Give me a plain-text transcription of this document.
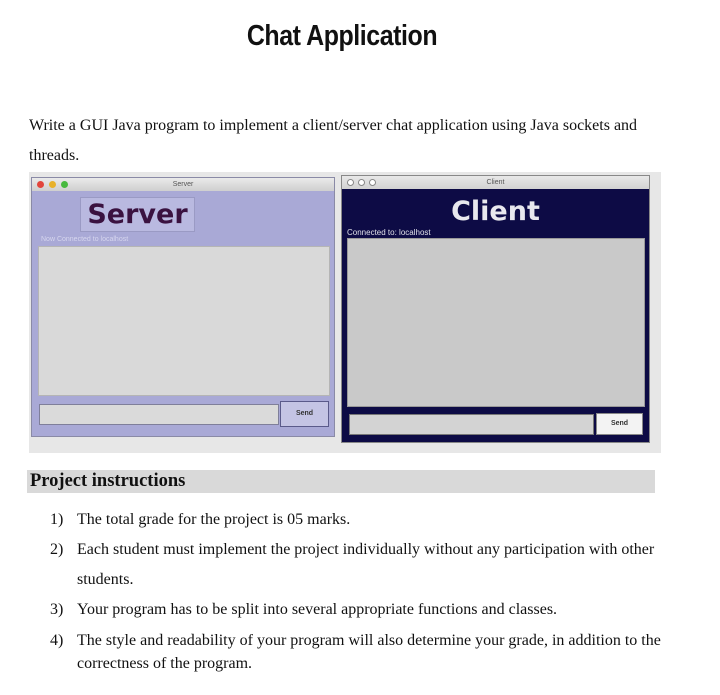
Chat Application
Write a GUI Java program to implement a client/server chat application using Java sockets and threads.
Server
Server
Now Connected to localhost
Send
Client
Client
Connected to: localhost
Send
Project instructions
1) The total grade for the project is 05 marks.
2) Each student must implement the project individually without any participation with other students.
3) Your program has to be split into several appropriate functions and classes.
4) The style and readability of your program will also determine your grade, in addition to the correctness of the program.
